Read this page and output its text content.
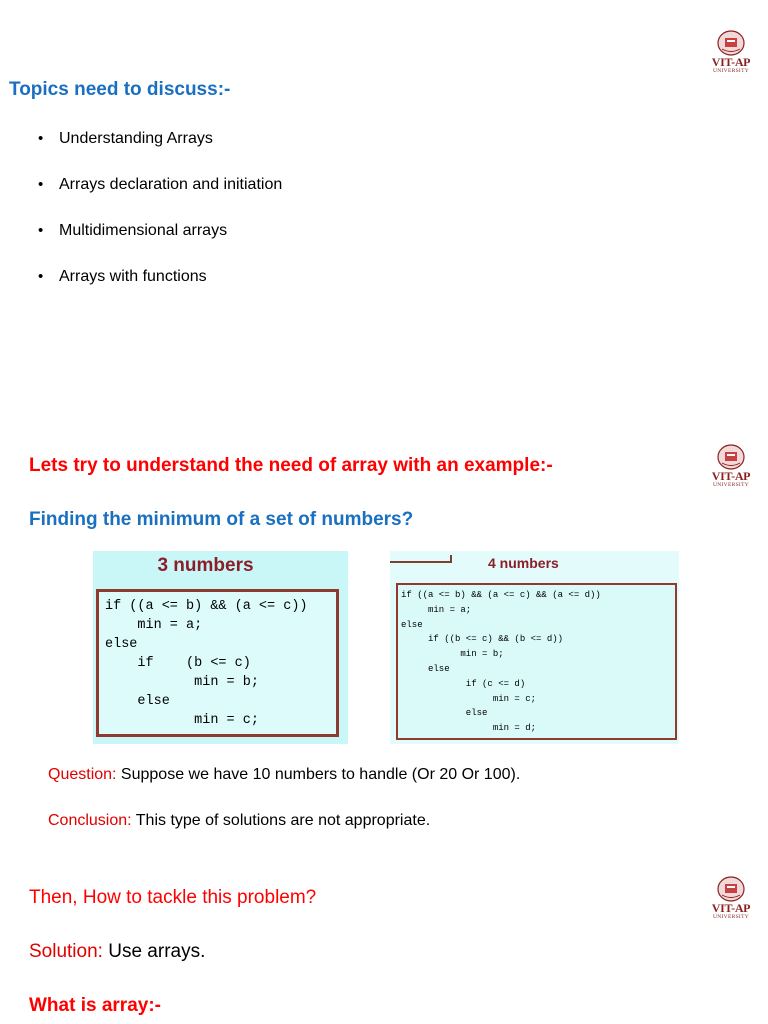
VIT-AP
UNIVERSITY
Topics need to discuss:-
• Understanding Arrays
• Arrays declaration and initiation
• Multidimensional arrays
• Arrays with functions
VIT-AP
UNIVERSITY
Lets try to understand the need of array with an example:-
Finding the minimum of a set of numbers?
3 numbers
if ((a <= b) && (a <= c))
min = a;
else
if    (b <= c)
min = b;
else
min = c;
4 numbers
if ((a <= b) && (a <= c) && (a <= d))
min = a;
else
if ((b <= c) && (b <= d))
min = b;
else
if (c <= d)
min = c;
else
min = d;
Question: Suppose we have 10 numbers to handle (Or 20 Or 100).
Conclusion: This type of solutions are not appropriate.
VIT-AP
UNIVERSITY
Then, How to tackle this problem?
Solution: Use arrays.
What is array:-
